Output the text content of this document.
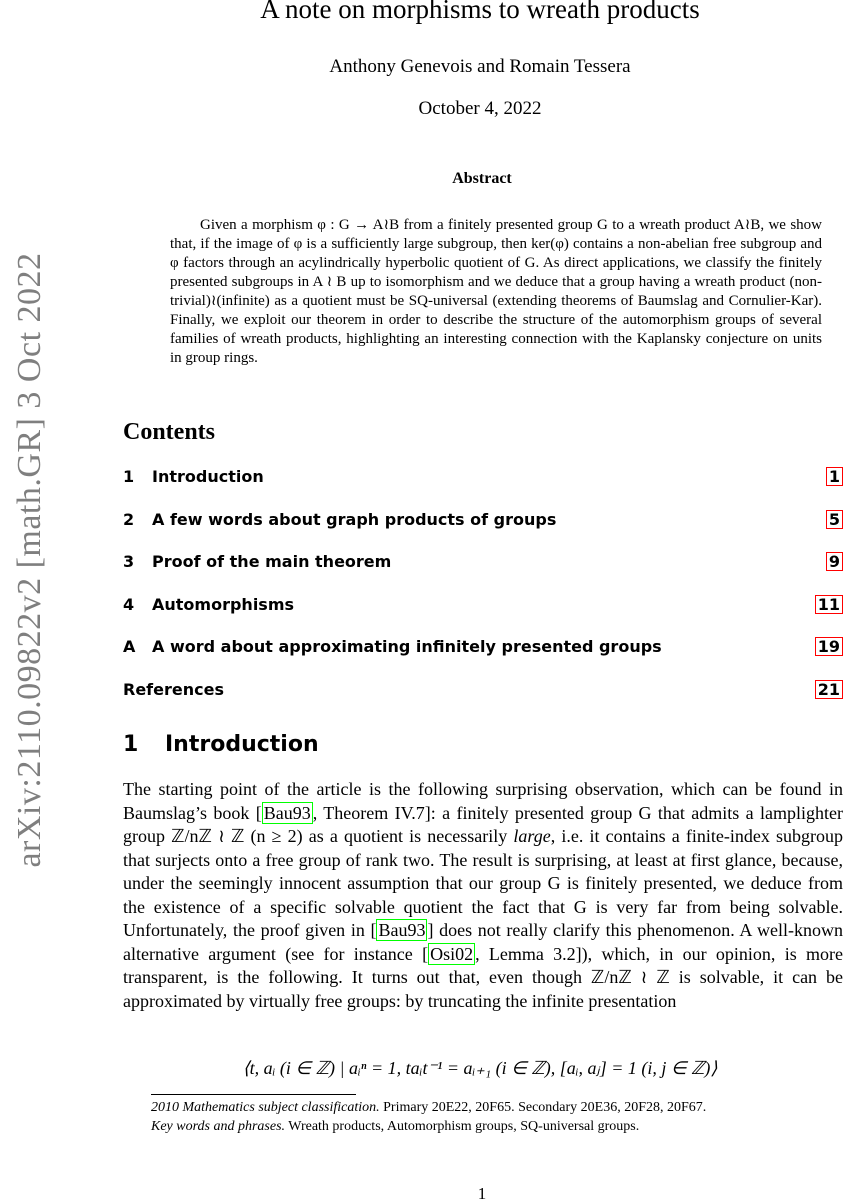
arXiv:2110.09822v2 [math.GR] 3 Oct 2022
A note on morphisms to wreath products
Anthony Genevois and Romain Tessera
October 4, 2022
Abstract

Given a morphism φ : G → A≀B from a finitely presented group G to a wreath product A≀B, we show that, if the image of φ is a sufficiently large subgroup, then ker(φ) contains a non-abelian free subgroup and φ factors through an acylindrically hyperbolic quotient of G. As direct applications, we classify the finitely presented subgroups in A ≀ B up to isomorphism and we deduce that a group having a wreath product (non-trivial)≀(infinite) as a quotient must be SQ-universal (extending theorems of Baumslag and Cornulier-Kar). Finally, we exploit our theorem in order to describe the structure of the automorphism groups of several families of wreath products, highlighting an interesting connection with the Kaplansky conjecture on units in group rings.

Contents
1 Introduction	1
2 A few words about graph products of groups	5
3 Proof of the main theorem	9
4 Automorphisms	11
A A word about approximating infinitely presented groups	19
References	21
1 Introduction

The starting point of the article is the following surprising observation, which can be found in Baumslag’s book [ Bau93 , Theorem IV.7]: a finitely presented group G that admits a lamplighter group ℤ/nℤ ≀ ℤ (n ≥ 2) as a quotient is necessarily large, i.e. it contains a finite-index subgroup that surjects onto a free group of rank two. The result is surprising, at least at first glance, because, under the seemingly innocent assumption that our group G is finitely presented, we deduce from the existence of a specific solvable quotient the fact that G is very far from being solvable. Unfortunately, the proof given in [ Bau93 ] does not really clarify this phenomenon. A well-known alternative argument (see for instance [ Osi02 , Lemma 3.2]), which, in our opinion, is more transparent, is the following. It turns out that, even though ℤ/nℤ ≀ ℤ is solvable, it can be approximated by virtually free groups: by truncating the infinite presentation

⟨t, aᵢ (i ∈ ℤ) | aᵢⁿ = 1, taᵢt⁻¹ = aᵢ₊₁ (i ∈ ℤ), [aᵢ, aⱼ] = 1 (i, j ∈ ℤ)⟩
2010 Mathematics subject classification. Primary 20E22, 20F65. Secondary 20E36, 20F28, 20F67.
Key words and phrases. Wreath products, Automorphism groups, SQ-universal groups.
1
